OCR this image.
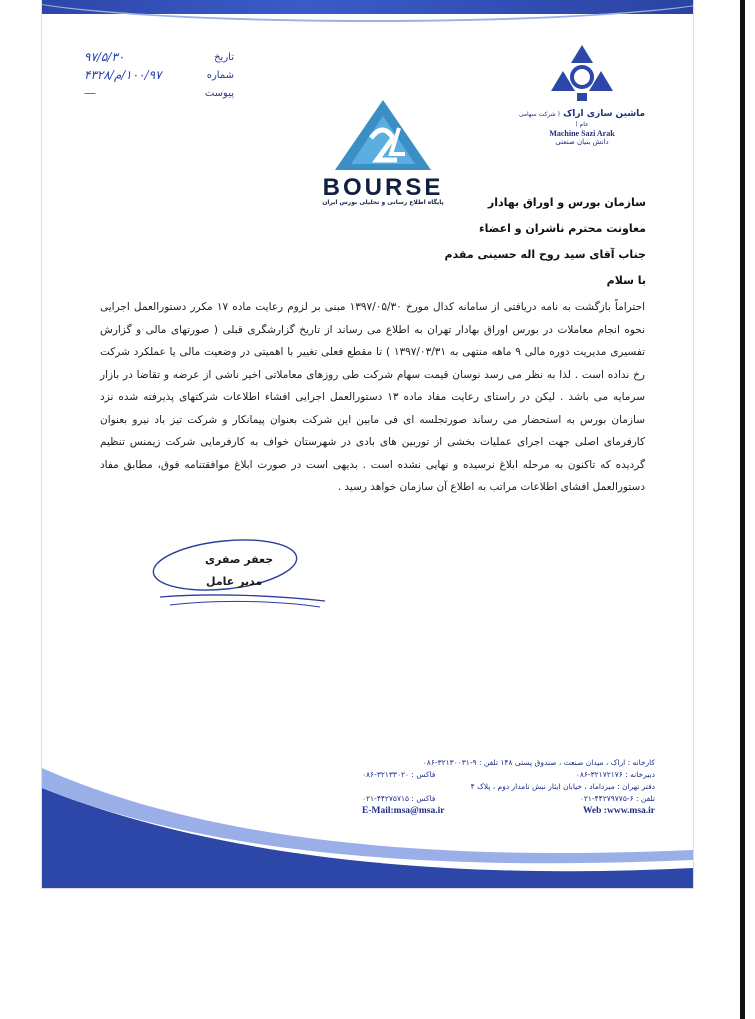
تاریخ
۹۷/۵/۳۰
شماره
۱۰۰/۹۷/م/۴۳۲۸
پیوست
—
ماشین سازی اراک ( شرکت سهامی عام )
Machine Sazi Arak
دانش بنیان صنعتی
BOURSE
پایگاه اطلاع رسانی و تحلیلی بورس ایران	سازمان بورس و اوراق بهادار
معاونت محترم ناشران و اعضاء
جناب آقای سید روح اله حسینی مقدم
با سلام
احتراماً بازگشت به نامه دریافتی از سامانه کدال مورخ ۱۳۹۷/۰۵/۳۰ مبنی بر لزوم رعایت ماده ۱۷ مکرر دستورالعمل اجرایی نحوه انجام معاملات در بورس اوراق بهادار تهران به اطلاع می رساند از تاریخ گزارشگری قبلی ( صورتهای مالی و گزارش تفسیری مدیریت دوره مالی ۹ ماهه منتهی به ۱۳۹۷/۰۳/۳۱ ) تا مقطع فعلی تغییر با اهمیتی در وضعیت مالی یا عملکرد شرکت رخ نداده است . لذا به نظر می رسد نوسان قیمت سهام شرکت طی روزهای معاملاتی اخیر ناشی از عرضه و تقاضا در بازار سرمایه می باشد . لیکن در راستای رعایت مفاد ماده ۱۳ دستورالعمل اجرایی افشاء اطلاعات شرکتهای پذیرفته شده نزد سازمان بورس به استحضار می رساند صورتجلسه ای فی مابین این شرکت بعنوان پیمانکار و شرکت تیز باد نیرو بعنوان کارفرمای اصلی جهت اجرای عملیات بخشی از توربین های بادی در شهرستان خواف به کارفرمایی شرکت زیمنس تنظیم گردیده که تاکنون به مرحله ابلاغ نرسیده و نهایی نشده است . بدیهی است در صورت ابلاغ موافقتنامه فوق، مطابق مفاد دستورالعمل افشای اطلاعات مراتب به اطلاع آن سازمان خواهد رسید .
جعفر صفری
مدیر عامل
کارخانه : اراک ، میدان صنعت ، صندوق پستی ۱۴۸ تلفن : ۹-۳۲۱۳۰۰۳۱-۰۸۶
دبیرخانه : ۳۲۱۷۲۱۷۶-۰۸۶
فاکس : ۳۲۱۳۳۰۲۰-۰۸۶
دفتر تهران : میرداماد ، خیابان ایثار نبش نامدار دوم ، پلاک ۴
تلفن : ۶-۴۴۲۷۹۷۷۵-۰۲۱
فاکس : ۴۴۲۷۵۷۱۵-۰۲۱
Web :www.msa.ir
E-Mail:msa@msa.ir
